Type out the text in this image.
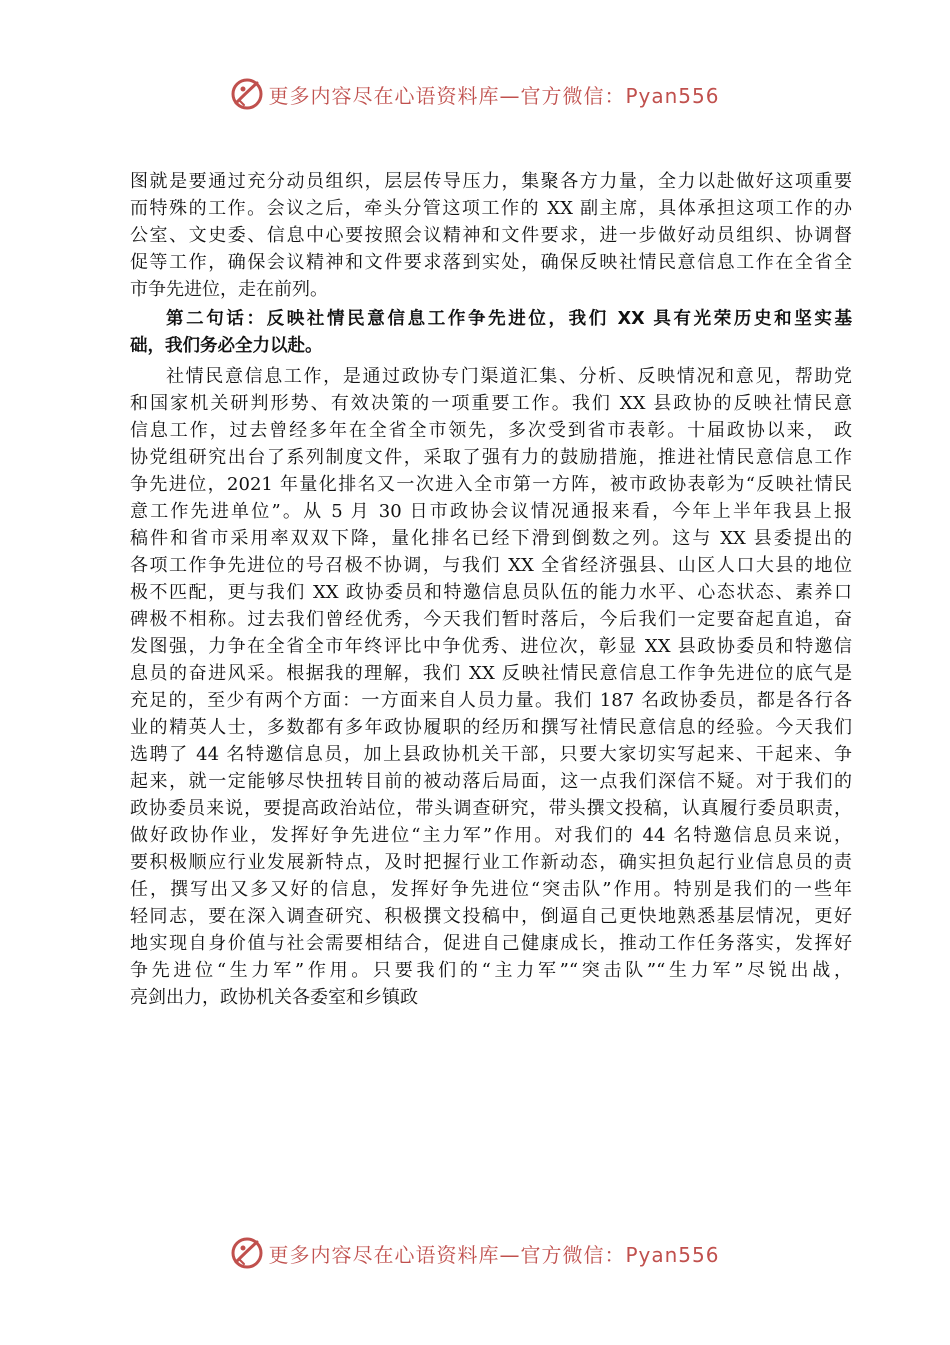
更多内容尽在心语资料库—官方微信：Pyan556
图就是要通过充分动员组织，层层传导压力，集聚各方力量，全力以赴做好这项重要
而特殊的工作。会议之后，牵头分管这项工作的 XX 副主席，具体承担这项工作的办
公室、文史委、信息中心要按照会议精神和文件要求，进一步做好动员组织、协调督
促等工作，确保会议精神和文件要求落到实处，确保反映社情民意信息工作在全省全
市争先进位，走在前列。
第二句话：反映社情民意信息工作争先进位，我们 XX 具有光荣历史和坚实基
础，我们务必全力以赴。
社情民意信息工作，是通过政协专门渠道汇集、分析、反映情况和意见，帮助党
和国家机关研判形势、有效决策的一项重要工作。我们 XX 县政协的反映社情民意
信息工作，过去曾经多年在全省全市领先，多次受到省市表彰。十届政协以来， 政
协党组研究出台了系列制度文件，采取了强有力的鼓励措施，推进社情民意信息工作
争先进位，2021 年量化排名又一次进入全市第一方阵，被市政协表彰为“反映社情民
意工作先进单位”。从 5 月 30 日市政协会议情况通报来看，今年上半年我县上报
稿件和省市采用率双双下降，量化排名已经下滑到倒数之列。这与 XX 县委提出的
各项工作争先进位的号召极不协调，与我们 XX 全省经济强县、山区人口大县的地位
极不匹配，更与我们 XX 政协委员和特邀信息员队伍的能力水平、心态状态、素养口
碑极不相称。过去我们曾经优秀，今天我们暂时落后，今后我们一定要奋起直追，奋
发图强，力争在全省全市年终评比中争优秀、进位次，彰显 XX 县政协委员和特邀信
息员的奋进风采。根据我的理解，我们 XX 反映社情民意信息工作争先进位的底气是
充足的，至少有两个方面：一方面来自人员力量。我们 187 名政协委员，都是各行各
业的精英人士，多数都有多年政协履职的经历和撰写社情民意信息的经验。今天我们
选聘了 44 名特邀信息员，加上县政协机关干部，只要大家切实写起来、干起来、争
起来，就一定能够尽快扭转目前的被动落后局面，这一点我们深信不疑。对于我们的
政协委员来说，要提高政治站位，带头调查研究，带头撰文投稿，认真履行委员职责，
做好政协作业，发挥好争先进位“主力军”作用。对我们的 44 名特邀信息员来说，
要积极顺应行业发展新特点，及时把握行业工作新动态，确实担负起行业信息员的责
任，撰写出又多又好的信息，发挥好争先进位“突击队”作用。特别是我们的一些年
轻同志，要在深入调查研究、积极撰文投稿中，倒逼自己更快地熟悉基层情况，更好
地实现自身价值与社会需要相结合，促进自己健康成长，推动工作任务落实，发挥好
争先进位“生力军”作用。只要我们的“主力军”“突击队”“生力军”尽锐出战，
亮剑出力，政协机关各委室和乡镇政
更多内容尽在心语资料库—官方微信：Pyan556
